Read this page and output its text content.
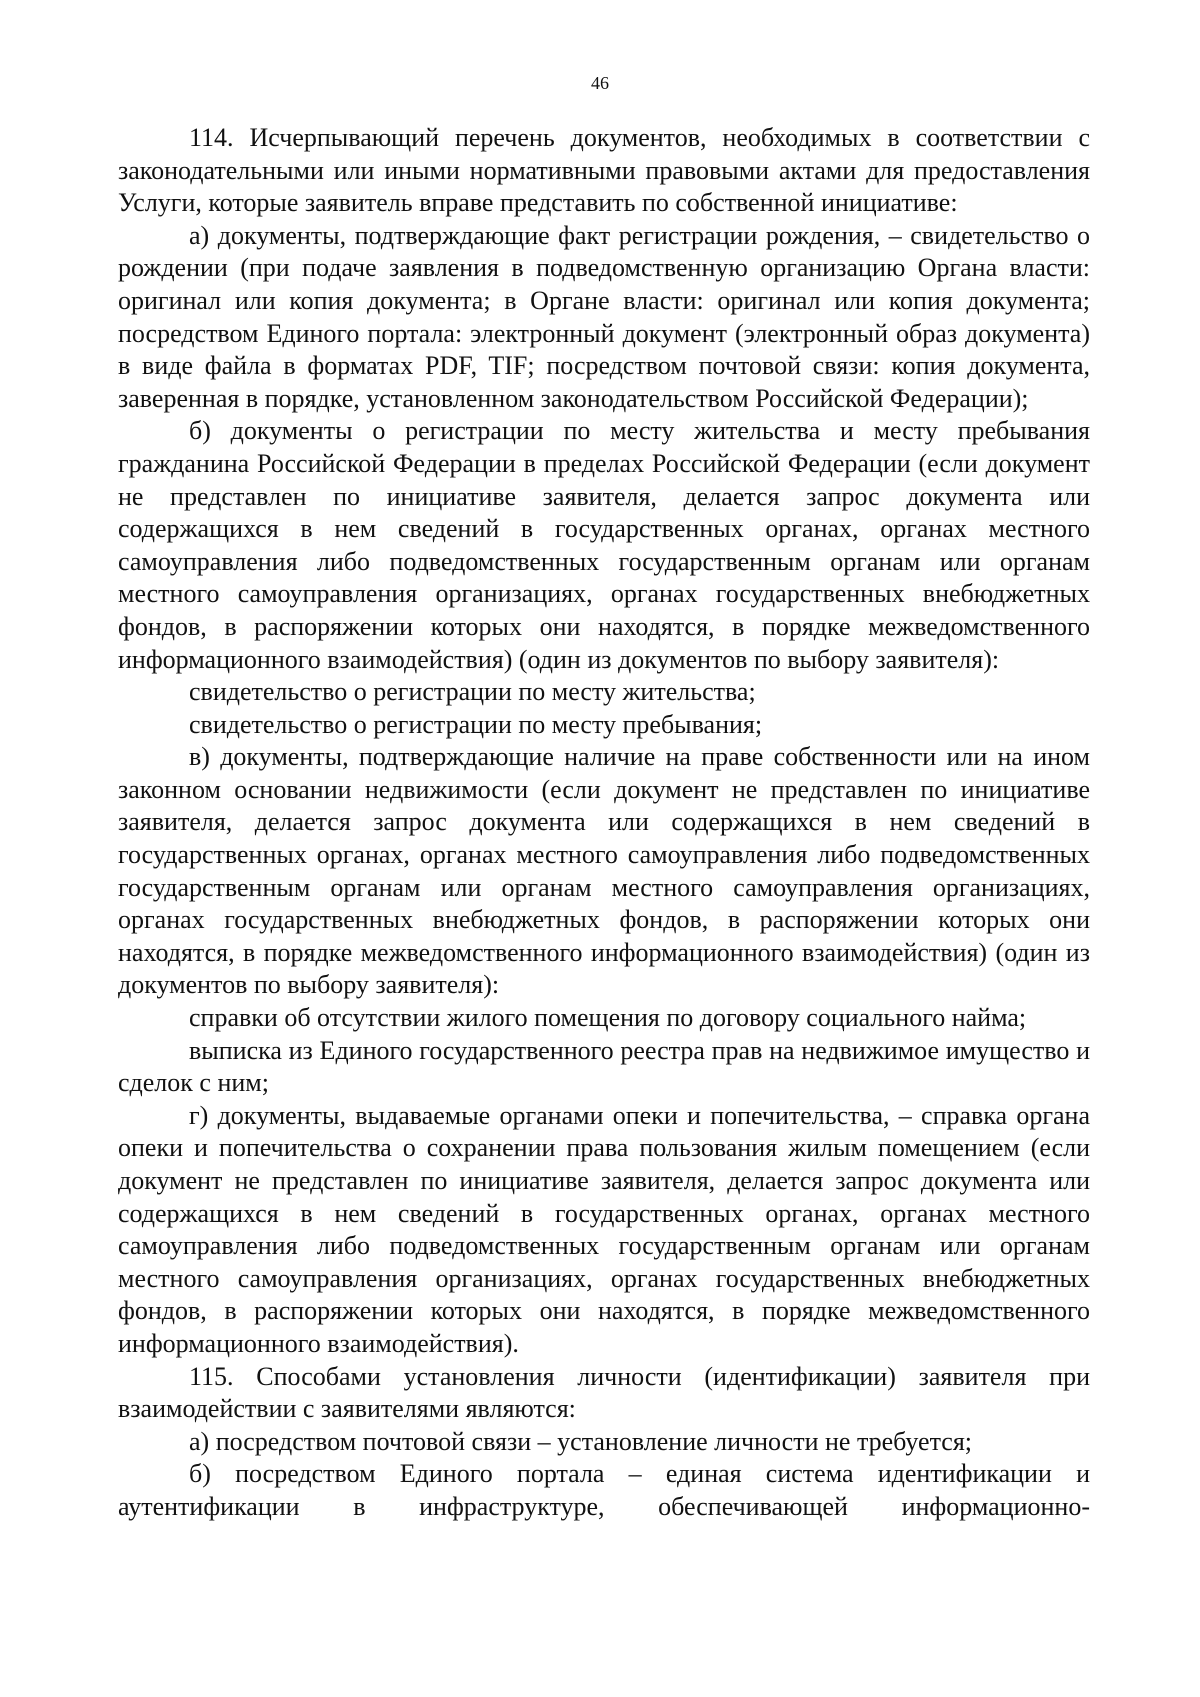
46

114. Исчерпывающий перечень документов, необходимых в соответствии с законодательными или иными нормативными правовыми актами для предоставления Услуги, которые заявитель вправе представить по собственной инициативе:

а) документы, подтверждающие факт регистрации рождения, – свидетельство о рождении (при подаче заявления в подведомственную организацию Органа власти: оригинал или копия документа; в Органе власти: оригинал или копия документа; посредством Единого портала: электронный документ (электронный образ документа) в виде файла в форматах PDF, TIF; посредством почтовой связи: копия документа, заверенная в порядке, установленном законодательством Российской Федерации);

б) документы о регистрации по месту жительства и месту пребывания гражданина Российской Федерации в пределах Российской Федерации (если документ не представлен по инициативе заявителя, делается запрос документа или содержащихся в нем сведений в государственных органах, органах местного самоуправления либо подведомственных государственным органам или органам местного самоуправления организациях, органах государственных внебюджетных фондов, в распоряжении которых они находятся, в порядке межведомственного информационного взаимодействия) (один из документов по выбору заявителя):

свидетельство о регистрации по месту жительства;

свидетельство о регистрации по месту пребывания;

в) документы, подтверждающие наличие на праве собственности или на ином законном основании недвижимости (если документ не представлен по инициативе заявителя, делается запрос документа или содержащихся в нем сведений в государственных органах, органах местного самоуправления либо подведомственных государственным органам или органам местного самоуправления организациях, органах государственных внебюджетных фондов, в распоряжении которых они находятся, в порядке межведомственного информационного взаимодействия) (один из документов по выбору заявителя):

справки об отсутствии жилого помещения по договору социального найма;

выписка из Единого государственного реестра прав на недвижимое имущество и сделок с ним;

г) документы, выдаваемые органами опеки и попечительства, – справка органа опеки и попечительства о сохранении права пользования жилым помещением (если документ не представлен по инициативе заявителя, делается запрос документа или содержащихся в нем сведений в государственных органах, органах местного самоуправления либо подведомственных государственным органам или органам местного самоуправления организациях, органах государственных внебюджетных фондов, в распоряжении которых они находятся, в порядке межведомственного информационного взаимодействия).

115. Способами установления личности (идентификации) заявителя при взаимодействии с заявителями являются:

а) посредством почтовой связи – установление личности не требуется;

б) посредством Единого портала – единая система идентификации и аутентификации в инфраструктуре, обеспечивающей информационно-
